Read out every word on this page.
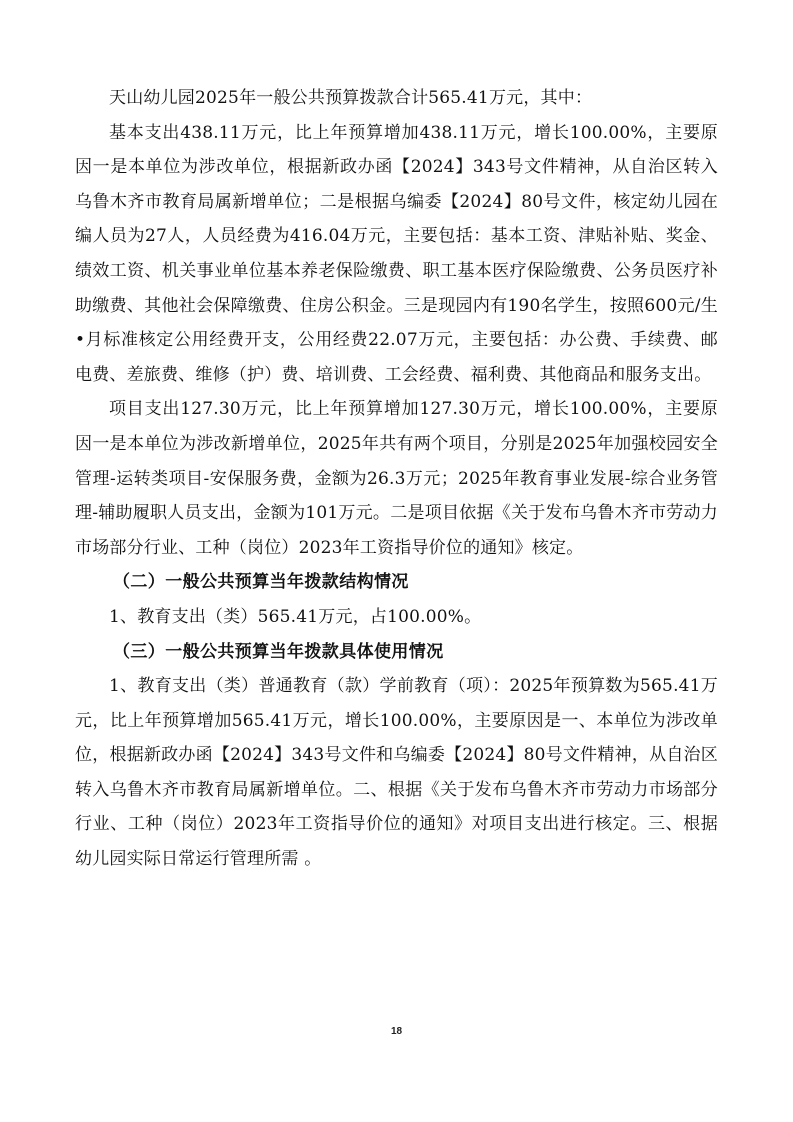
天山幼儿园2025年一般公共预算拨款合计565.41万元，其中：

基本支出438.11万元，比上年预算增加438.11万元，增长100.00%，主要原因一是本单位为涉改单位，根据新政办函【2024】343号文件精神，从自治区转入乌鲁木齐市教育局属新增单位；二是根据乌编委【2024】80号文件，核定幼儿园在编人员为27人，人员经费为416.04万元，主要包括：基本工资、津贴补贴、奖金、绩效工资、机关事业单位基本养老保险缴费、职工基本医疗保险缴费、公务员医疗补助缴费、其他社会保障缴费、住房公积金。三是现园内有190名学生，按照600元/生•月标准核定公用经费开支，公用经费22.07万元，主要包括：办公费、手续费、邮电费、差旅费、维修（护）费、培训费、工会经费、福利费、其他商品和服务支出。

项目支出127.30万元，比上年预算增加127.30万元，增长100.00%，主要原因一是本单位为涉改新增单位，2025年共有两个项目，分别是2025年加强校园安全管理-运转类项目-安保服务费，金额为26.3万元；2025年教育事业发展-综合业务管理-辅助履职人员支出，金额为101万元。二是项目依据《关于发布乌鲁木齐市劳动力市场部分行业、工种（岗位）2023年工资指导价位的通知》核定。

（二）一般公共预算当年拨款结构情况

1、教育支出（类）565.41万元，占100.00%。

（三）一般公共预算当年拨款具体使用情况

1、教育支出（类）普通教育（款）学前教育（项）：2025年预算数为565.41万元，比上年预算增加565.41万元，增长100.00%，主要原因是一、本单位为涉改单位，根据新政办函【2024】343号文件和乌编委【2024】80号文件精神，从自治区转入乌鲁木齐市教育局属新增单位。二、根据《关于发布乌鲁木齐市劳动力市场部分行业、工种（岗位）2023年工资指导价位的通知》对项目支出进行核定。三、根据幼儿园实际日常运行管理所需 。

18
